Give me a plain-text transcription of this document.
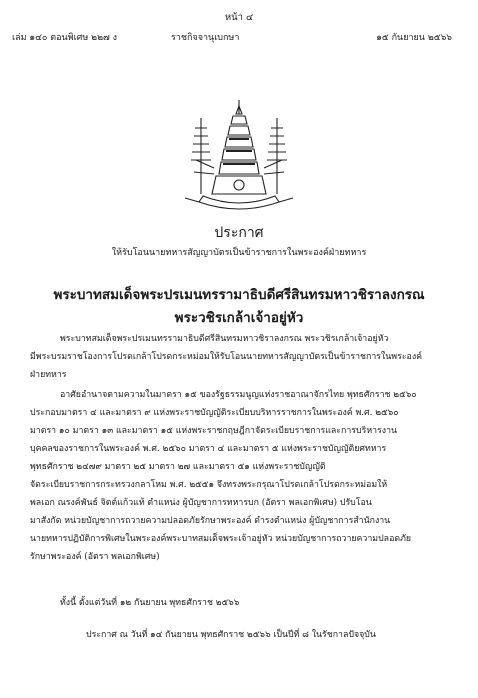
หน้า ๔
เล่ม ๑๔๐ ตอนพิเศษ ๒๒๗ ง	ราชกิจจานุเบกษา	๑๕ กันยายน ๒๕๖๖
ประกาศ
ให้รับโอนนายทหารสัญญาบัตรเป็นข้าราชการในพระองค์ฝ่ายทหาร
พระบาทสมเด็จพระปรเมนทรรามาธิบดีศรีสินทรมหาวชิราลงกรณ
พระวชิรเกล้าเจ้าอยู่หัว
พระบาทสมเด็จพระปรเมนทรรามาธิบดีศรีสินทรมหาวชิราลงกรณ พระวชิรเกล้าเจ้าอยู่หัว
มีพระบรมราชโองการโปรดเกล้าโปรดกระหม่อมให้รับโอนนายทหารสัญญาบัตรเป็นข้าราชการในพระองค์
ฝ่ายทหาร
อาศัยอำนาจตามความในมาตรา ๑๕ ของรัฐธรรมนูญแห่งราชอาณาจักรไทย พุทธศักราช ๒๕๖๐
ประกอบมาตรา ๔ และมาตรา ๙ แห่งพระราชบัญญัติระเบียบบริหารราชการในพระองค์ พ.ศ. ๒๕๖๐
มาตรา ๑๐ มาตรา ๑๓ และมาตรา ๑๕ แห่งพระราชกฤษฎีกาจัดระเบียบราชการและการบริหารงาน
บุคคลของราชการในพระองค์ พ.ศ. ๒๕๖๐ มาตรา ๔ และมาตรา ๕ แห่งพระราชบัญญัติยศทหาร
พุทธศักราช ๒๔๗๙ มาตรา ๒๕ มาตรา ๒๗ และมาตรา ๕๑ แห่งพระราชบัญญัติ
จัดระเบียบราชการกระทรวงกลาโหม พ.ศ. ๒๕๕๑ จึงทรงพระกรุณาโปรดเกล้าโปรดกระหม่อมให้
พลเอก ณรงค์พันธ์ จิตต์แก้วแท้ ตำแหน่ง ผู้บัญชาการทหารบก (อัตรา พลเอกพิเศษ) ปรับโอน
มาสังกัด หน่วยบัญชาการถวายความปลอดภัยรักษาพระองค์ ดำรงตำแหน่ง ผู้บัญชาการสำนักงาน
นายทหารปฏิบัติการพิเศษในพระองค์พระบาทสมเด็จพระเจ้าอยู่หัว หน่วยบัญชาการถวายความปลอดภัย
รักษาพระองค์ (อัตรา พลเอกพิเศษ)
ทั้งนี้ ตั้งแต่วันที่ ๑๒ กันยายน พุทธศักราช ๒๕๖๖
ประกาศ ณ วันที่ ๑๔ กันยายน พุทธศักราช ๒๕๖๖ เป็นปีที่ ๘ ในรัชกาลปัจจุบัน
